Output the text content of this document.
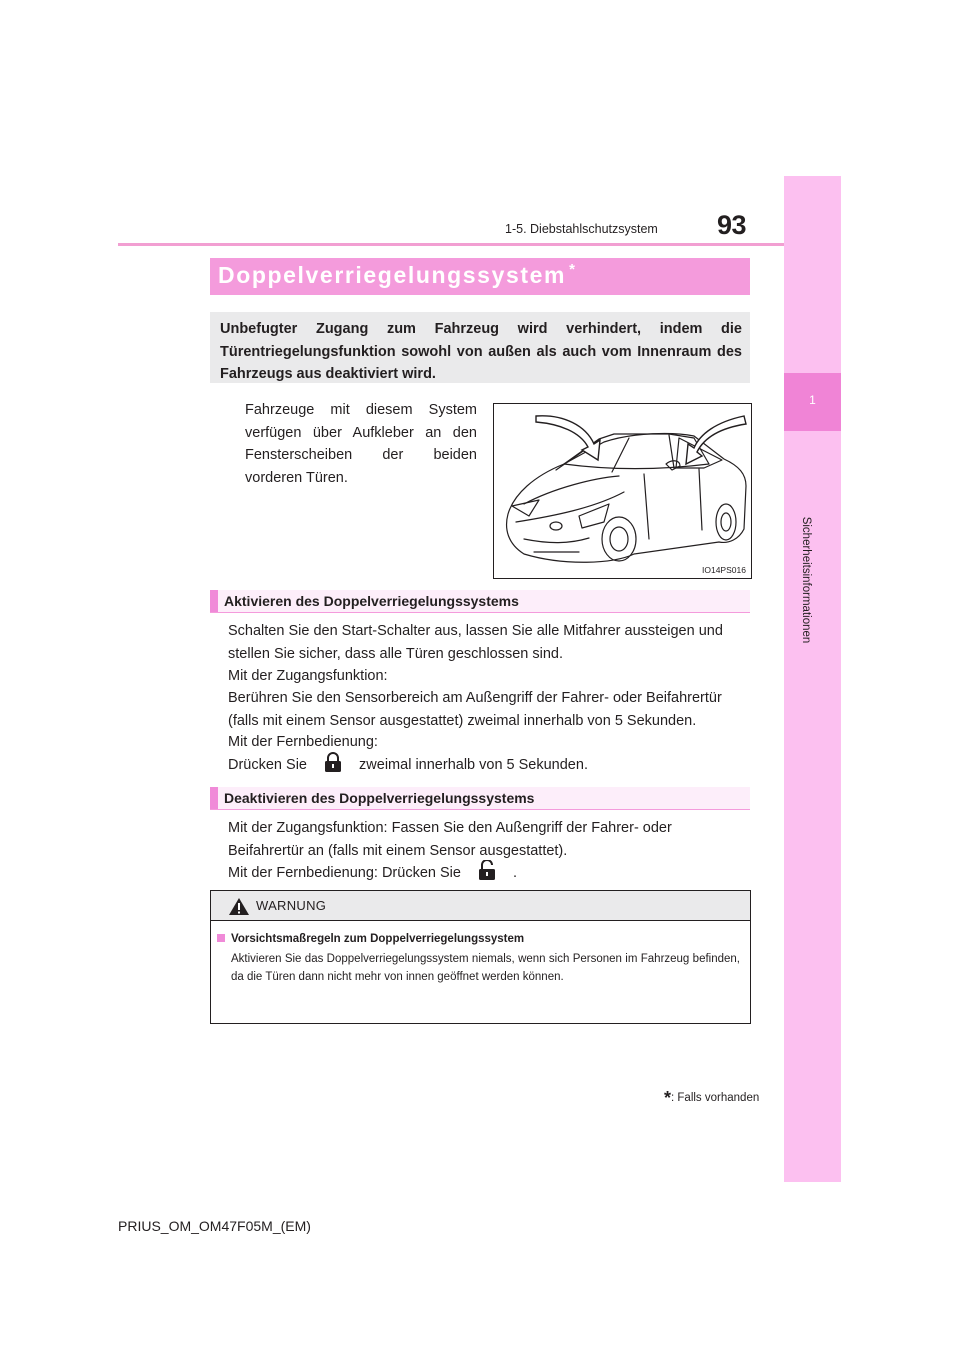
1-5. Diebstahlschutzsystem 93
1
Sicherheitsinformationen
Doppelverriegelungssystem *
Unbefugter Zugang zum Fahrzeug wird verhindert, indem die Türentriegelungsfunktion sowohl von außen als auch vom Innenraum des Fahrzeugs aus deaktiviert wird.
Fahrzeuge mit diesem System verfügen über Aufkleber an den Fensterscheiben der beiden vorderen Türen.
IO14PS016
Aktivieren des Doppelverriegelungssystems
Schalten Sie den Start-Schalter aus, lassen Sie alle Mitfahrer aussteigen und stellen Sie sicher, dass alle Türen geschlossen sind.
Mit der Zugangsfunktion:
Berühren Sie den Sensorbereich am Außengriff der Fahrer- oder Beifahrertür (falls mit einem Sensor ausgestattet) zweimal innerhalb von 5 Sekunden.
Mit der Fernbedienung:
Drücken Sie	zweimal innerhalb von 5 Sekunden.
Deaktivieren des Doppelverriegelungssystems
Mit der Zugangsfunktion: Fassen Sie den Außengriff der Fahrer- oder Beifahrertür an (falls mit einem Sensor ausgestattet).
Mit der Fernbedienung: Drücken Sie	.
WARNUNG
Vorsichtsmaßregeln zum Doppelverriegelungssystem
Aktivieren Sie das Doppelverriegelungssystem niemals, wenn sich Personen im Fahrzeug befinden, da die Türen dann nicht mehr von innen geöffnet werden können.
*: Falls vorhanden
PRIUS_OM_OM47F05M_(EM)
